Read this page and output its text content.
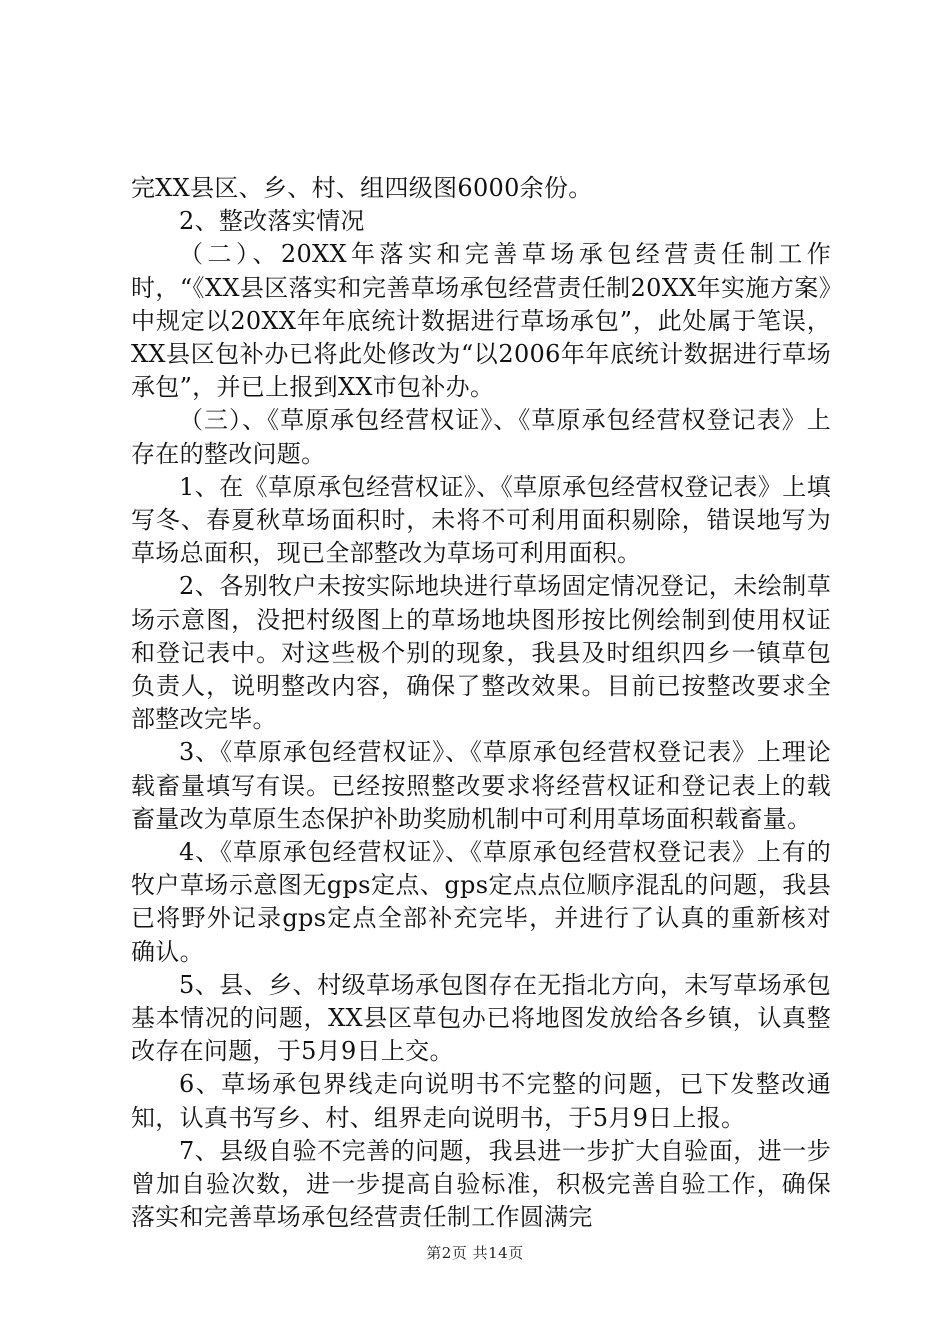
完XX县区、乡、村、组四级图6000余份。

2、整改落实情况

（二）、20XX年落实和完善草场承包经营责任制工作时，“《XX县区落实和完善草场承包经营责任制20XX年实施方案》中规定以20XX年年底统计数据进行草场承包”，此处属于笔误，XX县区包补办已将此处修改为“以2006年年底统计数据进行草场承包”，并已上报到XX市包补办。

（三）、《草原承包经营权证》、《草原承包经营权登记表》上存在的整改问题。

1、在《草原承包经营权证》、《草原承包经营权登记表》上填写冬、春夏秋草场面积时，未将不可利用面积剔除，错误地写为草场总面积，现已全部整改为草场可利用面积。

2、各别牧户未按实际地块进行草场固定情况登记，未绘制草场示意图，没把村级图上的草场地块图形按比例绘制到使用权证和登记表中。对这些极个别的现象，我县及时组织四乡一镇草包负责人，说明整改内容，确保了整改效果。目前已按整改要求全部整改完毕。

3、《草原承包经营权证》、《草原承包经营权登记表》上理论载畜量填写有误。已经按照整改要求将经营权证和登记表上的载畜量改为草原生态保护补助奖励机制中可利用草场面积载畜量。

4、《草原承包经营权证》、《草原承包经营权登记表》上有的牧户草场示意图无gps定点、gps定点点位顺序混乱的问题，我县已将野外记录gps定点全部补充完毕，并进行了认真的重新核对确认。

5、县、乡、村级草场承包图存在无指北方向，未写草场承包基本情况的问题，XX县区草包办已将地图发放给各乡镇，认真整改存在问题，于5月9日上交。

6、草场承包界线走向说明书不完整的问题，已下发整改通知，认真书写乡、村、组界走向说明书，于5月9日上报。

7、县级自验不完善的问题，我县进一步扩大自验面，进一步曾加自验次数，进一步提高自验标准，积极完善自验工作，确保落实和完善草场承包经营责任制工作圆满完

第2页 共14页
